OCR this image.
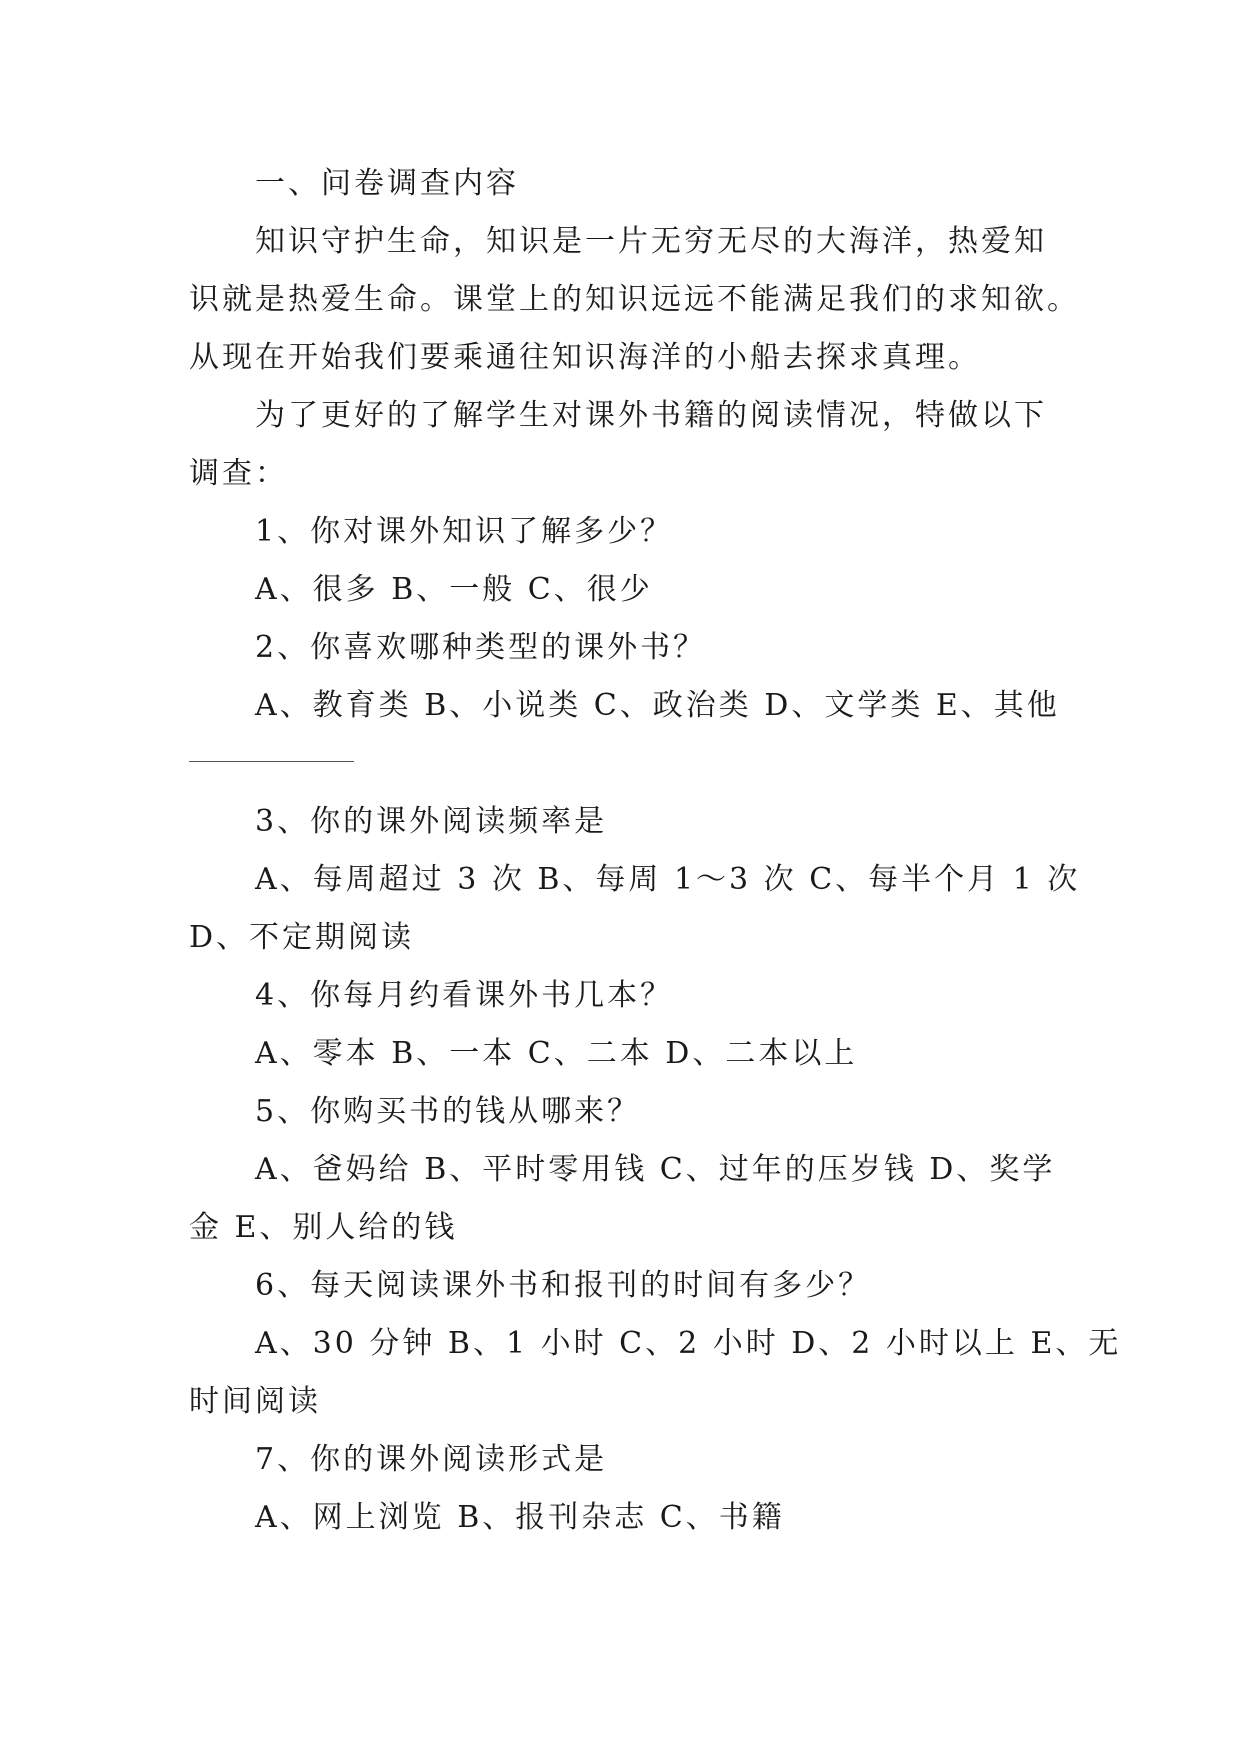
一、问卷调查内容
知识守护生命，知识是一片无穷无尽的大海洋，热爱知
识就是热爱生命。课堂上的知识远远不能满足我们的求知欲。
从现在开始我们要乘通往知识海洋的小船去探求真理。
为了更好的了解学生对课外书籍的阅读情况，特做以下
调查：
1、你对课外知识了解多少？
A、很多 B、一般 C、很少
2、你喜欢哪种类型的课外书？
A、教育类 B、小说类 C、政治类 D、文学类 E、其他
3、你的课外阅读频率是
A、每周超过 3 次 B、每周 1～3 次 C、每半个月 1 次
D、不定期阅读
4、你每月约看课外书几本？
A、零本 B、一本 C、二本 D、二本以上
5、你购买书的钱从哪来？
A、爸妈给 B、平时零用钱 C、过年的压岁钱 D、奖学
金 E、别人给的钱
6、每天阅读课外书和报刊的时间有多少？
A、30 分钟 B、1 小时 C、2 小时 D、2 小时以上 E、无
时间阅读
7、你的课外阅读形式是
A、网上浏览 B、报刊杂志 C、书籍
